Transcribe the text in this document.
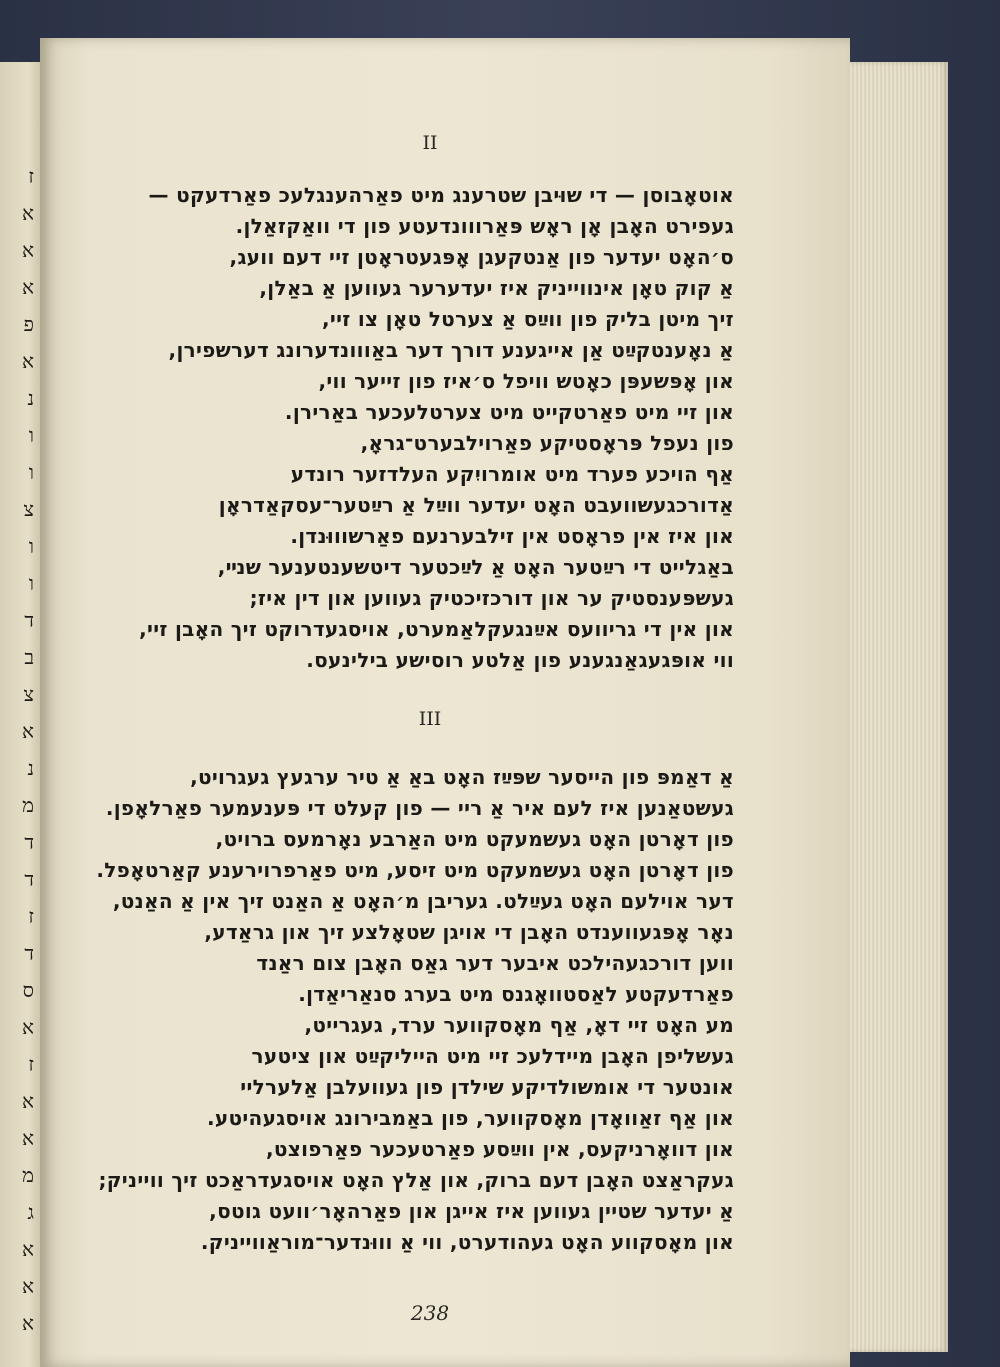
ז
א
א
א
פ
א
נ
ו
ו
צ
ו
ו
ד
ב
צ
א
נ
מ
ד
ד
ז
ד
ס
א
ז
א
א
מ
ג
א
א
א
II
אוטאָבוסן — די שוּיבן שטרענג מיט פאַרהענגלעכ פאַרדעקט —
געפירט האָבן אָן ראָש פּאַרווונדעטע פון די וואַקזאַלן.
ס׳האָט יעדער פון אַנטקעגן אָפּגעטראָטן זיי דעם וועג,
אַ קוק טאָן אינווייניק איז יעדערער געווען אַ באַלן,
זיך מיטן בליק פון ווײַס אַ צערטל טאָן צו זיי,
אַ נאָענטקײַט אַן אייגענע דורך דער באַווונדערונג דערשפירן,
און אָפּשעפּן כאָטש וויפל ס׳איז פון זייער ווי,
און זיי מיט פאַרטקייט מיט צערטלעכער באַרירן.
פון נעפל פּראָסטיקע פאַרוילבערט־גראָ,
אַף הויכע פערד מיט אומרויִקע העלדזער רונדע
אַדורכגעשוועבט האָט יעדער ווײַל אַ רײַטער־עסקאַדראָן
און איז אין פראָסט אין זילבערנעם פאַרשוווּנדן.
באַגלייט די רײַטער האָט אַ לײַכטער דיטשענטענער שנײ,
געשפּענסטיק ער און דורכזיכטיק געווען און דין איז;
און אין די גריוועס אײַנגעקלאַמערט, אויסגעדרוקט זיך האָבן זיי,
ווי אופּגעגאַנגענע פון אַלטע רוסישע בילינעס.
III
אַ דאַמפּ פון הייסער שפּײַז האָט באַ אַ טיר ערגעץ געגרויט,
געשטאַנען איז לעם איר אַ ריי — פון קעלט די פּענעמער פאַרלאָפן.
פון דאָרטן האָט געשמעקט מיט האַרבע נאָרמעס ברויט,
פון דאָרטן האָט געשמעקט מיט זיסע, מיט פאַרפרוירענע קאַרטאָפל.
דער אוילעם האָט געײַלט. געריבן מ׳האָט אַ האַנט זיך אין אַ האַנט,
נאָר אָפּגעווענדט האָבן די אויגן שטאָלצע זיך און גראַדע,
ווען דורכגעהילכט איבער דער גאַס האָבן צום ראַנד
פאַרדעקטע לאַסטוואָגנס מיט בערג סנאַריאַדן.
מע האָט זיי דאָ, אַף מאָסקווער ערד, געגרייט,
געשליפן האָבן מיידלעכ זיי מיט הייליקײַט און ציטער
אונטער די אומשולדיקע שילדן פון געוועלבן אַלערליי
און אַף זאַוואָדן מאָסקווער, פון באַמבירונג אויסגעהיטע.
און דוואָרניקעס, אין ווײַסע פאַרטעכער פאַרפוצט,
געקראַצט האָבן דעם ברוק, און אַלץ האָט אויסגעדראַכט זיך ווייניק;
אַ יעדער שטיין געווען איז אייגן און פאַרהאָר׳וועט גוטס,
און מאָסקווע האָט געהודערט, ווי אַ וווּנדער־מוראַווייניק.
238
